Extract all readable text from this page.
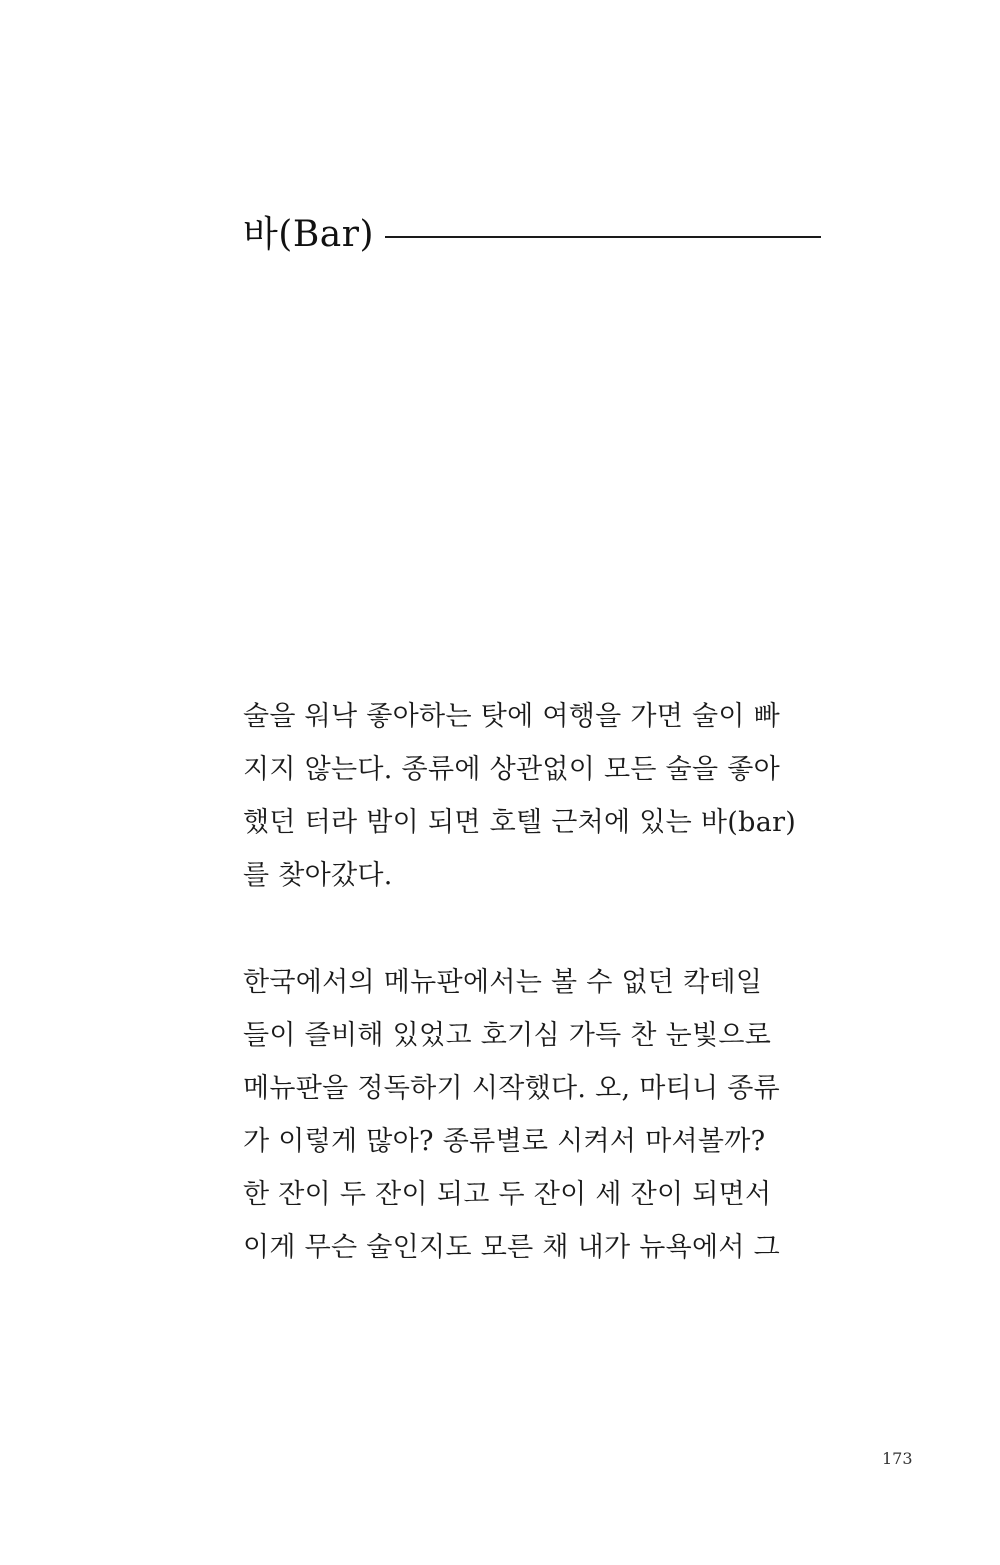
바(Bar)
술을 워낙 좋아하는 탓에 여행을 가면 술이 빠
지지 않는다. 종류에 상관없이 모든 술을 좋아
했던 터라 밤이 되면 호텔 근처에 있는 바(bar)
를 찾아갔다.
한국에서의 메뉴판에서는 볼 수 없던 칵테일
들이 즐비해 있었고 호기심 가득 찬 눈빛으로
메뉴판을 정독하기 시작했다. 오, 마티니 종류
가 이렇게 많아? 종류별로 시켜서 마셔볼까?
한 잔이 두 잔이 되고 두 잔이 세 잔이 되면서
이게 무슨 술인지도 모른 채 내가 뉴욕에서 그
173
